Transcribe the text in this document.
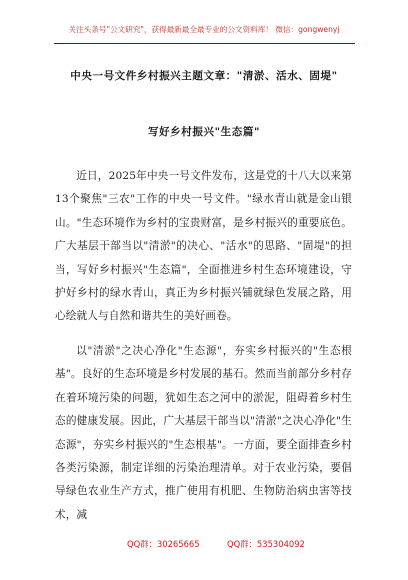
关注头条号"公文研究"，获得最新最全最专业的公文资料库！ 微信：gongwenyj
中央一号文件乡村振兴主题文章："清淤、活水、固堤"
写好乡村振兴"生态篇"

近日，2025年中央一号文件发布，这是党的十八大以来第13个聚焦"三农"工作的中央一号文件。"绿水青山就是金山银山。"生态环境作为乡村的宝贵财富，是乡村振兴的重要底色。广大基层干部当以"清淤"的决心、"活水"的思路、"固堤"的担当，写好乡村振兴"生态篇"，全面推进乡村生态环境建设，守护好乡村的绿水青山，真正为乡村振兴铺就绿色发展之路，用心绘就人与自然和谐共生的美好画卷。

以"清淤"之决心净化"生态源"，夯实乡村振兴的"生态根基"。良好的生态环境是乡村发展的基石。然而当前部分乡村存在着环境污染的问题，犹如生态之河中的淤泥，阻碍着乡村生态的健康发展。因此，广大基层干部当以"清淤"之决心净化"生态源"，夯实乡村振兴的"生态根基"。一方面，要全面排查乡村各类污染源，制定详细的污染治理清单。对于农业污染，要倡导绿色农业生产方式，推广使用有机肥、生物防治病虫害等技术，减

QQ群：30265665	QQ群：535304092
